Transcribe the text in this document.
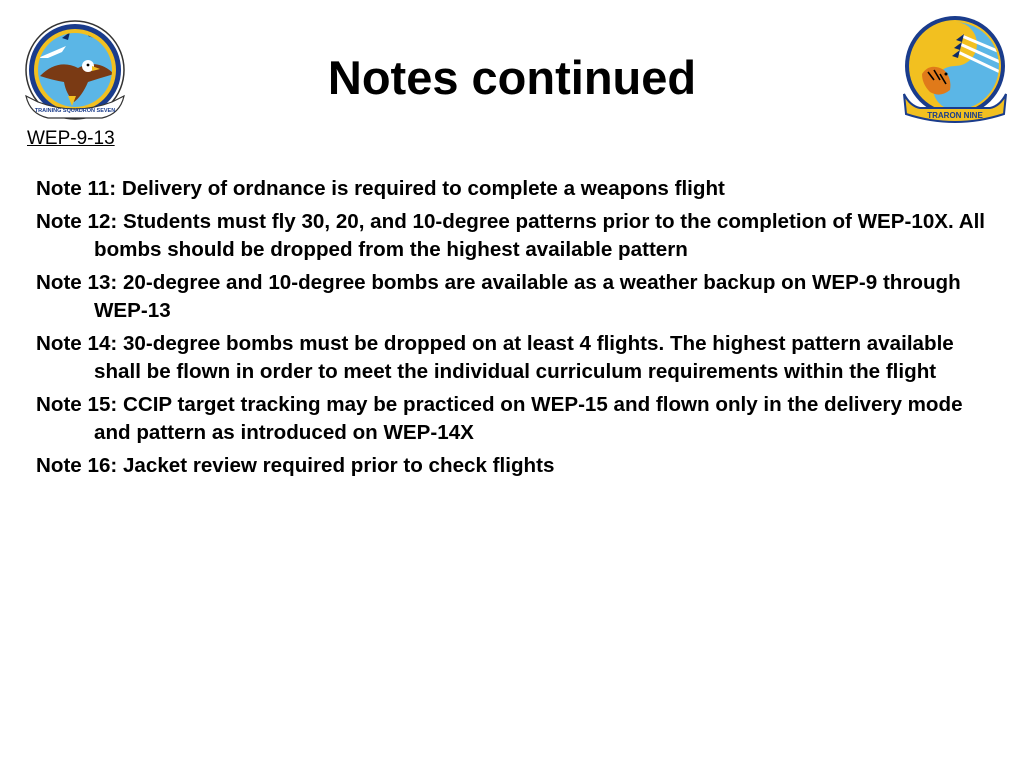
TRAINING SQUADRON SEVEN
Notes continued
TRARON NINE
WEP-9-13
Note 11: Delivery of ordnance is required to complete a weapons flight
Note 12: Students must fly 30, 20, and 10-degree patterns prior to the completion of WEP-10X. All bombs should be dropped from the highest available pattern
Note 13: 20-degree and 10-degree bombs are available as a weather backup on WEP-9 through WEP-13
Note 14: 30-degree bombs must be dropped on at least 4 flights. The highest pattern available shall be flown in order to meet the individual curriculum requirements within the flight
Note 15: CCIP target tracking may be practiced on WEP-15 and flown only in the delivery mode and pattern as introduced on WEP-14X
Note 16: Jacket review required prior to check flights
